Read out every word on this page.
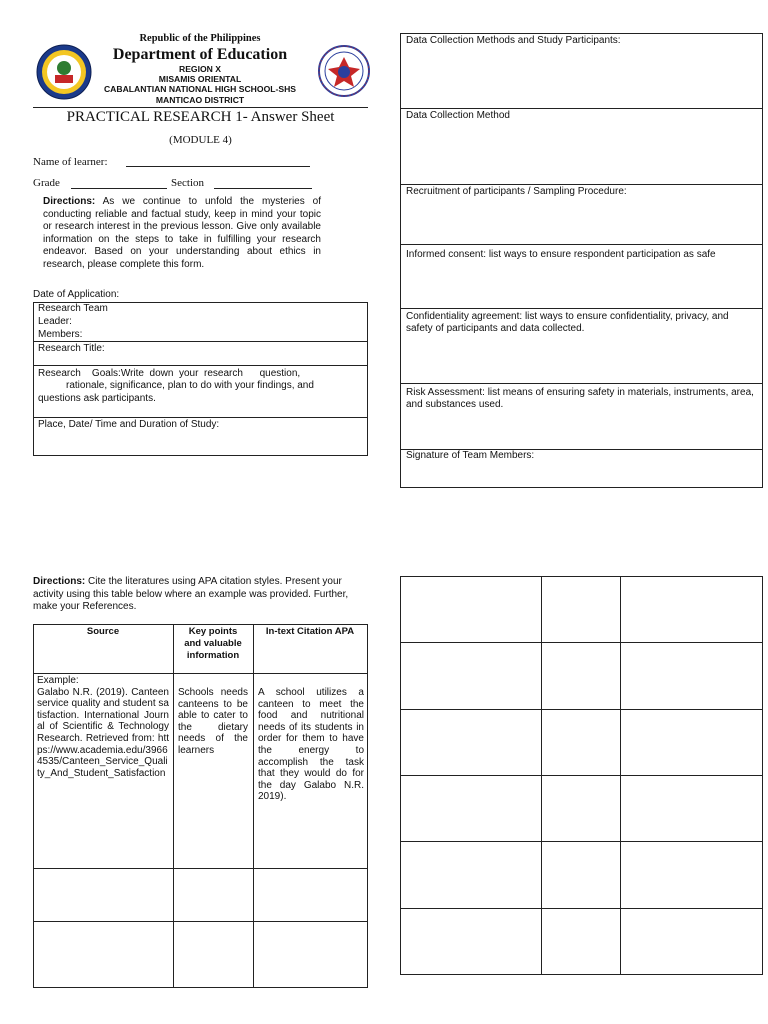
Republic of the Philippines
Department of Education
REGION X
MISAMIS ORIENTAL
CABALANTIAN NATIONAL HIGH SCHOOL-SHS
MANTICAO DISTRICT
PRACTICAL RESEARCH 1- Answer Sheet
(MODULE 4)
Name of learner:
Grade	Section
Directions: As we continue to unfold the mysteries of conducting reliable and factual study, keep in mind your topic or research interest in the previous lesson. Give only available information on the steps to take in fulfilling your research endeavor. Based on your understanding about ethics in research, please complete this form.
Date of Application:
Research Team
Leader:
Members:
Research Title:
Research    Goals:Write  down  your  research      question,
rationale, significance, plan to do with your findings, and
questions ask participants.
Place, Date/ Time and Duration of Study:
Data Collection Methods and Study Participants:
Data Collection Method
Recruitment of participants / Sampling Procedure:
Informed consent: list ways to ensure respondent participation as safe
Confidentiality agreement: list ways to ensure confidentiality, privacy, and safety of participants and data collected.
Risk Assessment: list means of ensuring safety in materials, instruments, area, and substances used.
Signature of Team Members:
Directions: Cite the literatures using APA citation styles. Present your activity using this table below where an example was provided. Further, make your References.
Source	Key points and valuable information
In-text Citation APA
Example:
Galabo N.R. (2019). Canteen service quality and student satisfaction. International Journal of Scientific & Technology Research. Retrieved from: https://www.academia.edu/39664535/Canteen_Service_Quality_And_Student_Satisfaction
Schools needs canteens to be able to cater to the dietary needs of the learners
A school utilizes a canteen to meet the food and nutritional needs of its students in order for them to have the energy to accomplish the task that they would do for the day Galabo N.R. 2019).
